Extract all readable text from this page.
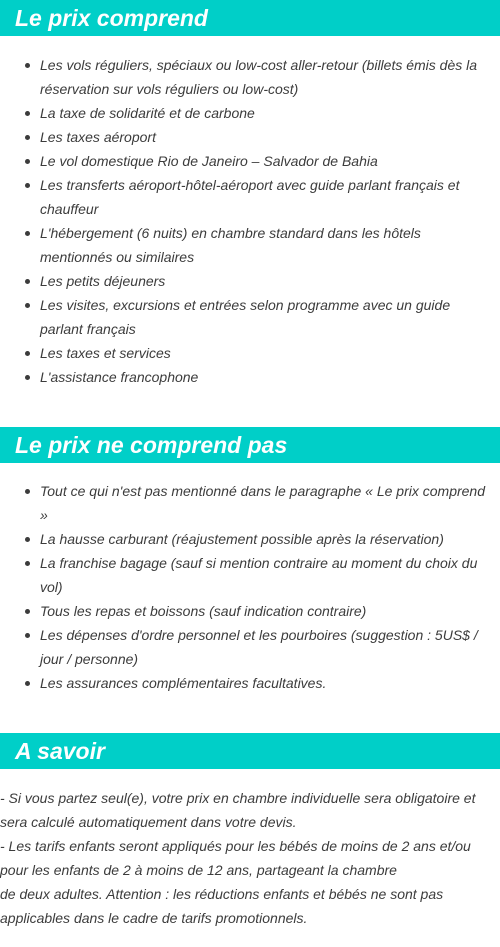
Le prix comprend
Les vols réguliers, spéciaux ou low-cost aller-retour (billets émis dès la réservation sur vols réguliers ou low-cost)
La taxe de solidarité et de carbone
Les taxes aéroport
Le vol domestique Rio de Janeiro – Salvador de Bahia
Les transferts aéroport-hôtel-aéroport avec guide parlant français et chauffeur
L'hébergement (6 nuits) en chambre standard dans les hôtels mentionnés ou similaires
Les petits déjeuners
Les visites, excursions et entrées selon programme avec un guide parlant français
Les taxes et services
L'assistance francophone
Le prix ne comprend pas
Tout ce qui n'est pas mentionné dans le paragraphe « Le prix comprend »
La hausse carburant (réajustement possible après la réservation)
La franchise bagage (sauf si mention contraire au moment du choix du vol)
Tous les repas et boissons (sauf indication contraire)
Les dépenses d'ordre personnel et les pourboires (suggestion : 5US$ / jour / personne)
Les assurances complémentaires facultatives.
A savoir

- Si vous partez seul(e), votre prix en chambre individuelle sera obligatoire et sera calculé automatiquement dans votre devis.

- Les tarifs enfants seront appliqués pour les bébés de moins de 2 ans et/ou pour les enfants de 2 à moins de 12 ans, partageant la chambre

de deux adultes. Attention : les réductions enfants et bébés ne sont pas applicables dans le cadre de tarifs promotionnels.
